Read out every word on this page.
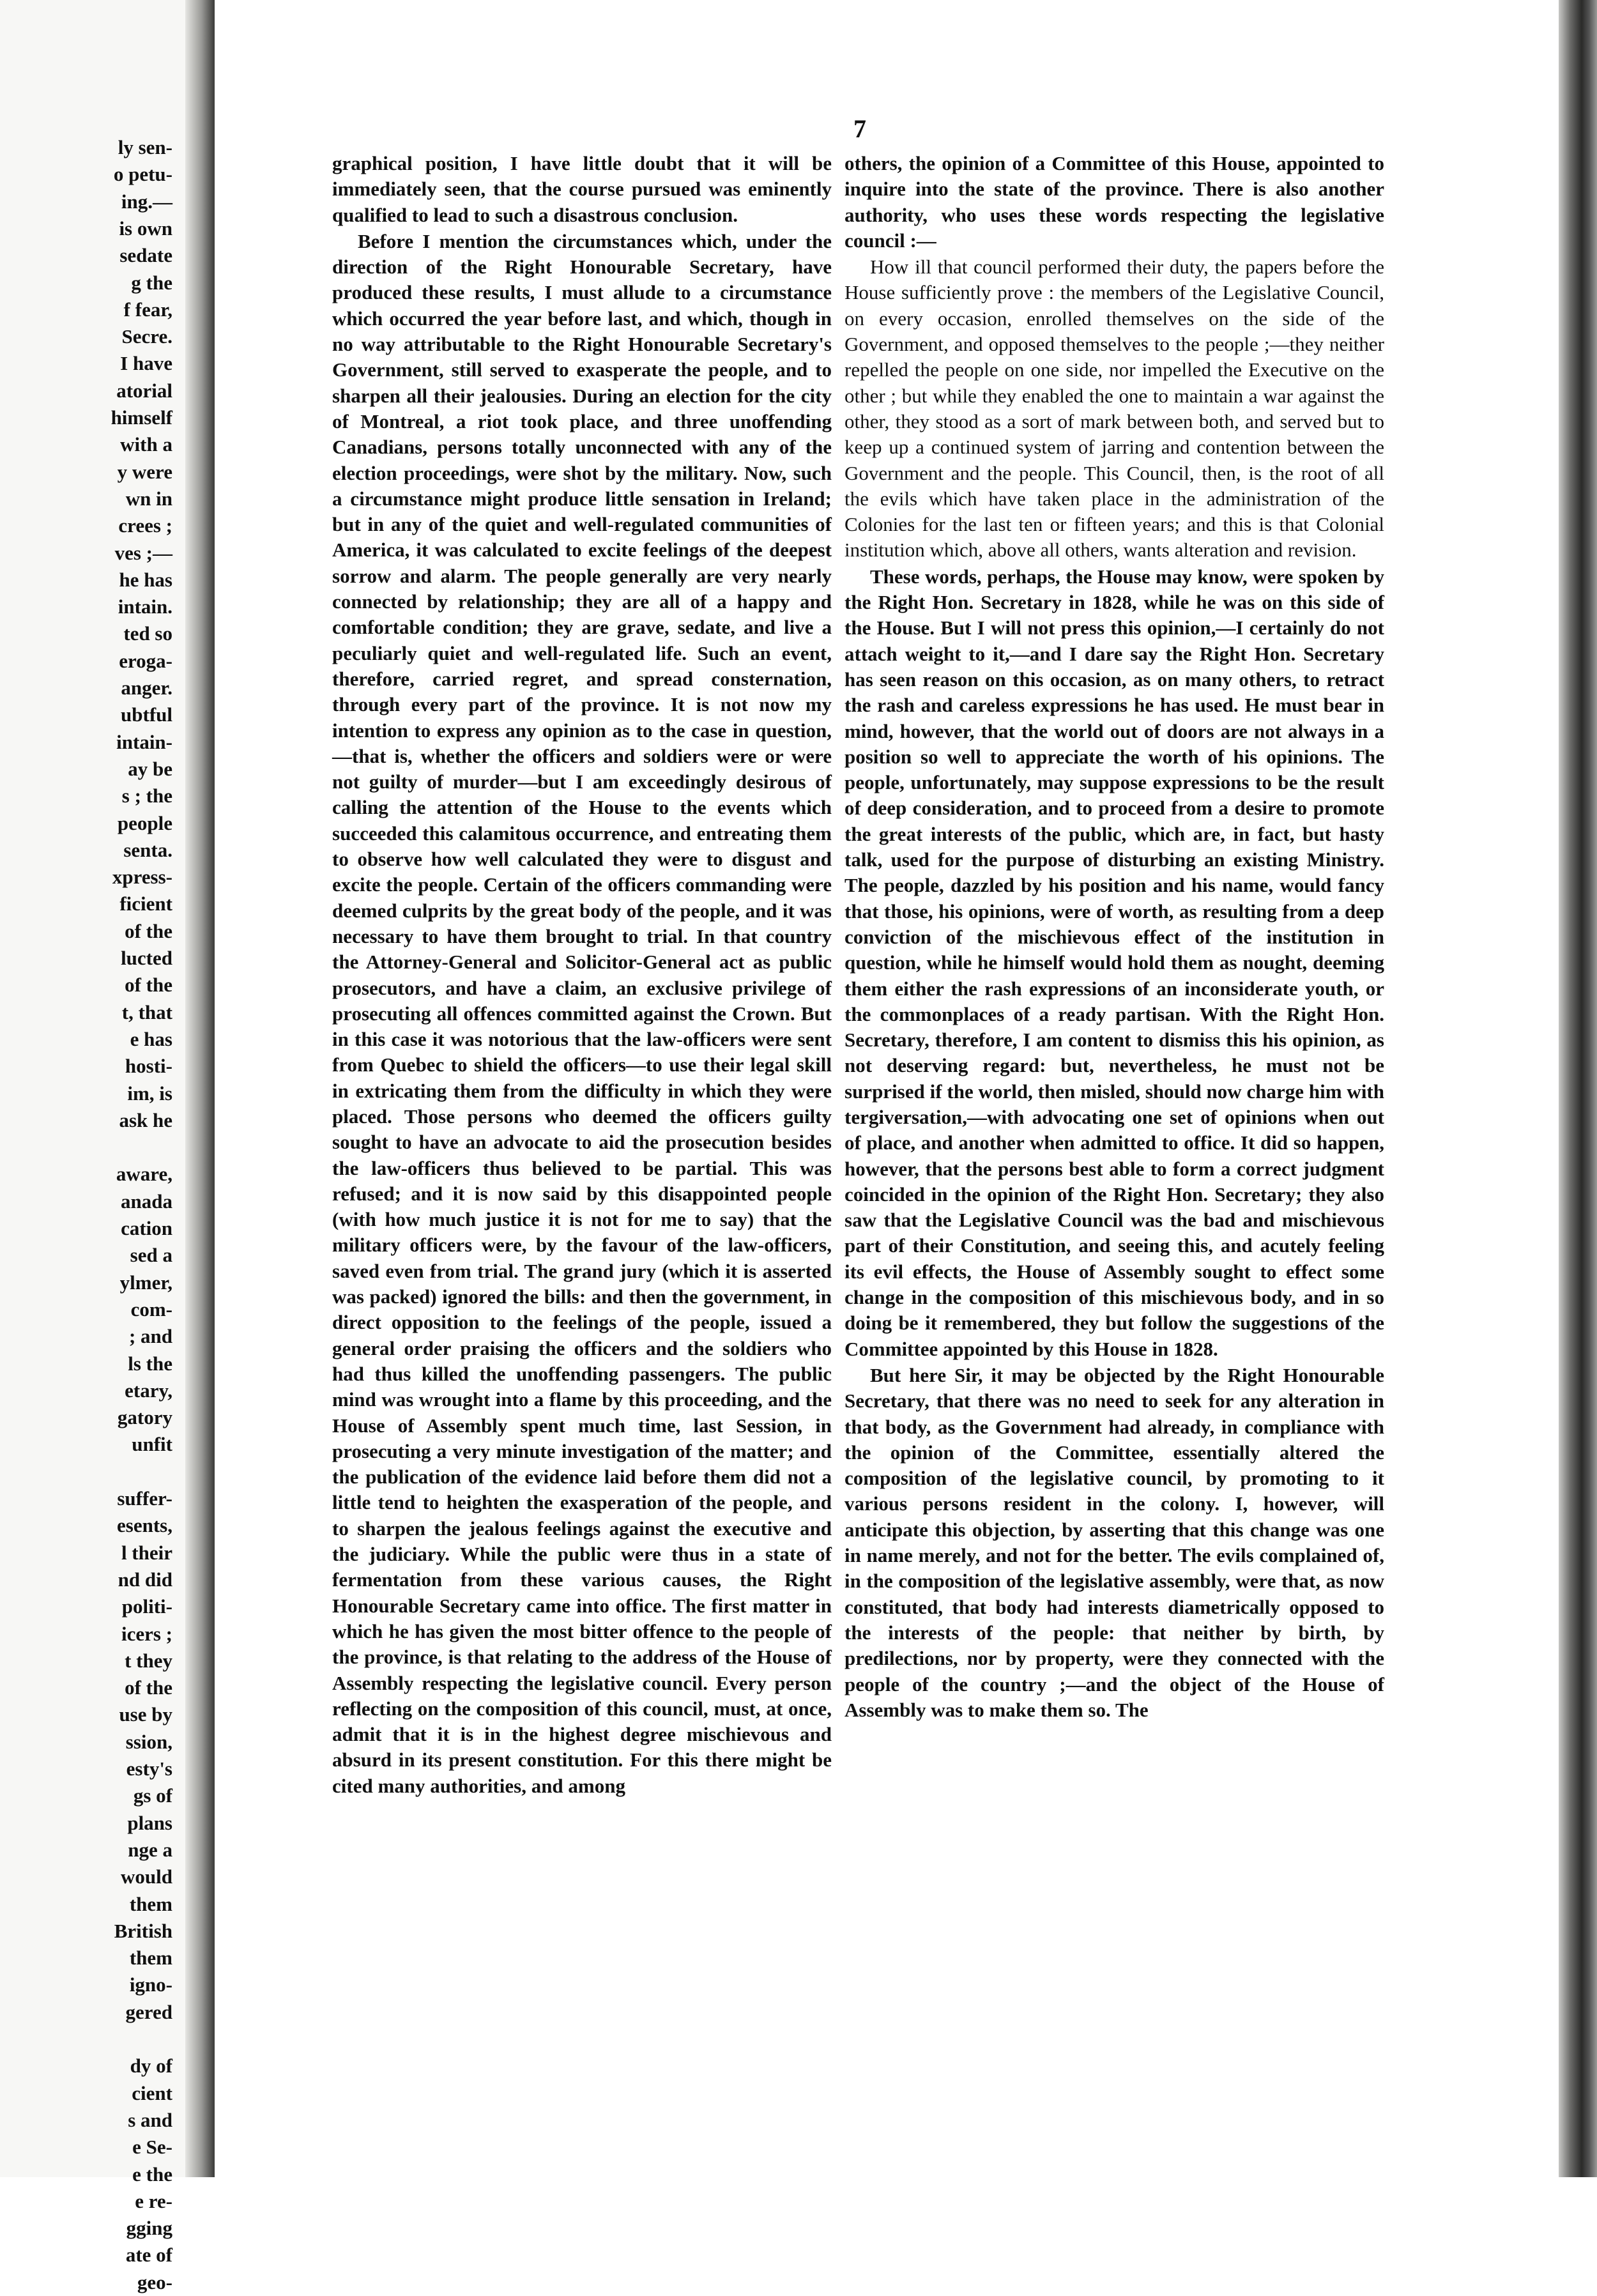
ly sen-
o petu-
ing.—
is own
sedate
g the
f fear,
Secre.
I have
atorial
himself
with a
y were
wn in
crees ;
ves ;—
he has
intain.
ted so
eroga-
anger.
ubtful
intain-
ay be
s ; the
people
senta.
xpress-
ficient
of the
lucted
of the
t, that
e has
hosti-
im, is
ask he
aware,
anada
cation
sed a
ylmer,
com-
; and
ls the
etary,
gatory
unfit
suffer-
esents,
l their
nd did
politi-
icers ;
t they
of the
use by
ssion,
esty's
gs of
plans
nge a
would
them
British
them
igno-
gered
dy of
cient
s and
e Se-
e the
e re-
gging
ate of
geo-
7

graphical position, I have little doubt that it will be immediately seen, that the course pursued was eminently qualified to lead to such a disastrous conclusion.

Before I mention the circumstances which, under the direction of the Right Honourable Secretary, have produced these results, I must allude to a circumstance which occurred the year before last, and which, though in no way attributable to the Right Honourable Secretary's Government, still served to exasperate the people, and to sharpen all their jealousies. During an election for the city of Montreal, a riot took place, and three unoffending Canadians, persons totally unconnected with any of the election proceedings, were shot by the military. Now, such a circumstance might produce little sensation in Ireland; but in any of the quiet and well-regulated communities of America, it was calculated to excite feelings of the deepest sorrow and alarm. The people generally are very nearly connected by relationship; they are all of a happy and comfortable condition; they are grave, sedate, and live a peculiarly quiet and well-regulated life. Such an event, therefore, carried regret, and spread consternation, through every part of the province. It is not now my intention to express any opinion as to the case in question,—that is, whether the officers and soldiers were or were not guilty of murder—but I am exceedingly desirous of calling the attention of the House to the events which succeeded this calamitous occurrence, and entreating them to observe how well calculated they were to disgust and excite the people. Certain of the officers commanding were deemed culprits by the great body of the people, and it was necessary to have them brought to trial. In that country the Attorney-General and Solicitor-General act as public prosecutors, and have a claim, an exclusive privilege of prosecuting all offences committed against the Crown. But in this case it was notorious that the law-officers were sent from Quebec to shield the officers—to use their legal skill in extricating them from the difficulty in which they were placed. Those persons who deemed the officers guilty sought to have an advocate to aid the prosecution besides the law-officers thus believed to be partial. This was refused; and it is now said by this disappointed people (with how much justice it is not for me to say) that the military officers were, by the favour of the law-officers, saved even from trial. The grand jury (which it is asserted was packed) ignored the bills: and then the government, in direct opposition to the feelings of the people, issued a general order praising the officers and the soldiers who had thus killed the unoffending passengers. The public mind was wrought into a flame by this proceeding, and the House of Assembly spent much time, last Session, in prosecuting a very minute investigation of the matter; and the publication of the evidence laid before them did not a little tend to heighten the exasperation of the people, and to sharpen the jealous feelings against the executive and the judiciary. While the public were thus in a state of fermentation from these various causes, the Right Honourable Secretary came into office. The first matter in which he has given the most bitter offence to the people of the province, is that relating to the address of the House of Assembly respecting the legislative council. Every person reflecting on the composition of this council, must, at once, admit that it is in the highest degree mischievous and absurd in its present constitution. For this there might be cited many authorities, and among

others, the opinion of a Committee of this House, appointed to inquire into the state of the province. There is also another authority, who uses these words respecting the legislative council :—

How ill that council performed their duty, the papers before the House sufficiently prove : the members of the Legislative Council, on every occasion, enrolled themselves on the side of the Government, and opposed themselves to the people ;—they neither repelled the people on one side, nor impelled the Executive on the other ; but while they enabled the one to maintain a war against the other, they stood as a sort of mark between both, and served but to keep up a continued system of jarring and contention between the Government and the people. This Council, then, is the root of all the evils which have taken place in the administration of the Colonies for the last ten or fifteen years; and this is that Colonial institution which, above all others, wants alteration and revision.

These words, perhaps, the House may know, were spoken by the Right Hon. Secretary in 1828, while he was on this side of the House. But I will not press this opinion,—I certainly do not attach weight to it,—and I dare say the Right Hon. Secretary has seen reason on this occasion, as on many others, to retract the rash and careless expressions he has used. He must bear in mind, however, that the world out of doors are not always in a position so well to appreciate the worth of his opinions. The people, unfortunately, may suppose expressions to be the result of deep consideration, and to proceed from a desire to promote the great interests of the public, which are, in fact, but hasty talk, used for the purpose of disturbing an existing Ministry. The people, dazzled by his position and his name, would fancy that those, his opinions, were of worth, as resulting from a deep conviction of the mischievous effect of the institution in question, while he himself would hold them as nought, deeming them either the rash expressions of an inconsiderate youth, or the commonplaces of a ready partisan. With the Right Hon. Secretary, therefore, I am content to dismiss this his opinion, as not deserving regard: but, nevertheless, he must not be surprised if the world, then misled, should now charge him with tergiversation,—with advocating one set of opinions when out of place, and another when admitted to office. It did so happen, however, that the persons best able to form a correct judgment coincided in the opinion of the Right Hon. Secretary; they also saw that the Legislative Council was the bad and mischievous part of their Constitution, and seeing this, and acutely feeling its evil effects, the House of Assembly sought to effect some change in the composition of this mischievous body, and in so doing be it remembered, they but follow the suggestions of the Committee appointed by this House in 1828.

But here Sir, it may be objected by the Right Honourable Secretary, that there was no need to seek for any alteration in that body, as the Government had already, in compliance with the opinion of the Committee, essentially altered the composition of the legislative council, by promoting to it various persons resident in the colony. I, however, will anticipate this objection, by asserting that this change was one in name merely, and not for the better. The evils complained of, in the composition of the legislative assembly, were that, as now constituted, that body had interests diametrically opposed to the interests of the people: that neither by birth, by predilections, nor by property, were they connected with the people of the country ;—and the object of the House of Assembly was to make them so. The
